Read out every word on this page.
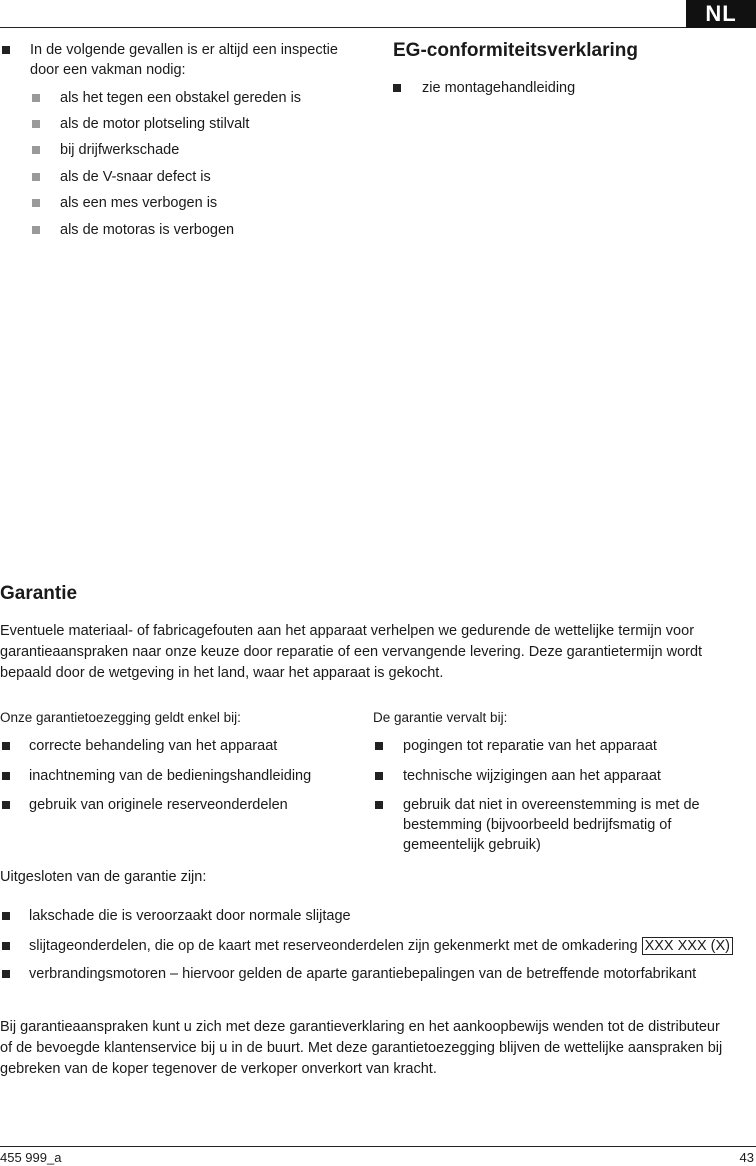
NL
In de volgende gevallen is er altijd een inspectie door een vakman nodig:
als het tegen een obstakel gereden is
als de motor plotseling stilvalt
bij drijfwerkschade
als de V-snaar defect is
als een mes verbogen is
als de motoras is verbogen
EG-conformiteitsverklaring
zie montagehandleiding
Garantie
Eventuele materiaal- of fabricagefouten aan het apparaat verhelpen we gedurende de wettelijke termijn voor garantieaanspraken naar onze keuze door reparatie of een vervangende levering. Deze garantietermijn wordt bepaald door de wetgeving in het land, waar het apparaat is gekocht.
Onze garantietoezegging geldt enkel bij:	De garantie vervalt bij:
correcte behandeling van het apparaat
inachtneming van de bedieningshandleiding
gebruik van originele reserveonderdelen
pogingen tot reparatie van het apparaat
technische wijzigingen aan het apparaat
gebruik dat niet in overeenstemming is met de bestemming (bijvoorbeeld bedrijfsmatig of gemeentelijk gebruik)
Uitgesloten van de garantie zijn:
lakschade die is veroorzaakt door normale slijtage
slijtageonderdelen, die op de kaart met reserveonderdelen zijn gekenmerkt met de omkadering XXX XXX (X)
verbrandingsmotoren – hiervoor gelden de aparte garantiebepalingen van de betreffende motorfabrikant
Bij garantieaanspraken kunt u zich met deze garantieverklaring en het aankoopbewijs wenden tot de distributeur of de bevoegde klantenservice bij u in de buurt. Met deze garantietoezegging blijven de wettelijke aanspraken bij gebreken van de koper tegenover de verkoper onverkort van kracht.
455 999_a	43
